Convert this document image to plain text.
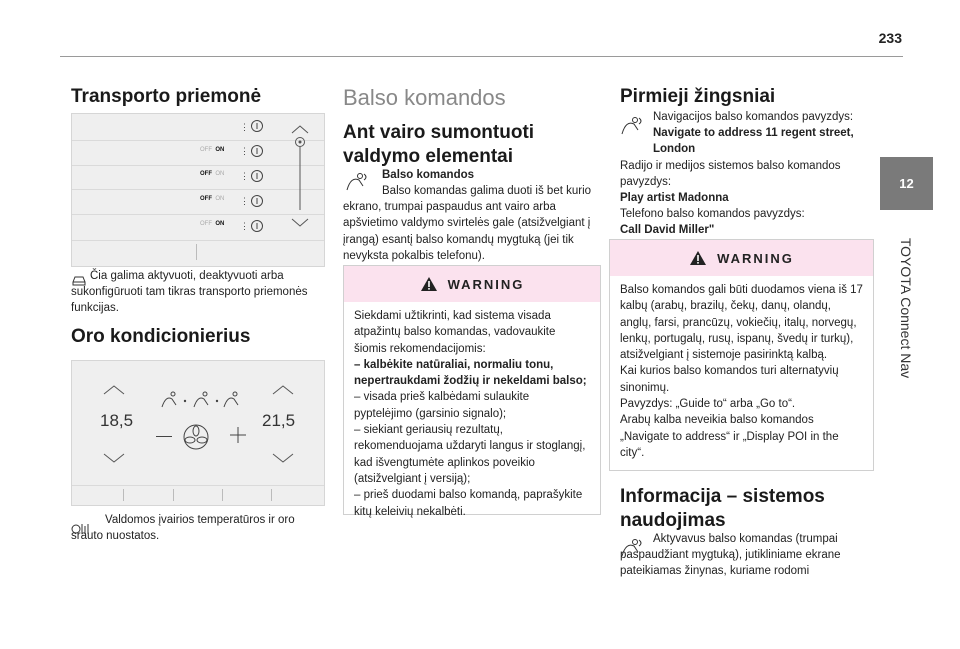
233
12
TOYOTA Connect Nav
Transporto priemonė
⋮
OFF ON
OFF ON
OFF ON
OFF ON
⋮
⋮
⋮
⋮
Čia galima aktyvuoti, deaktyvuoti arba sukonfigūruoti tam tikras transporto priemonės funkcijas.
Oro kondicionierius
18,5	21,5
Valdomos įvairios temperatūros ir oro srauto nuostatos.
Balso komandos
Ant vairo sumontuoti valdymo elementai
Balso komandos
Balso komandas galima duoti iš bet kurio ekrano, trumpai paspaudus ant vairo arba apšvietimo valdymo svirtelės gale (atsižvelgiant į įrangą) esantį balso komandų mygtuką (jei tik nevyksta pokalbis telefonu).
WARNING

Siekdami užtikrinti, kad sistema visada atpažintų balso komandas, vadovaukite šiomis rekomendacijomis:

– kalbėkite natūraliai, normaliu tonu, nepertraukdami žodžių ir nekeldami balso;

– visada prieš kalbėdami sulaukite pyptelėjimo (garsinio signalo);

– siekiant geriausių rezultatų, rekomenduojama uždaryti langus ir stoglangį, kad išvengtumėte aplinkos poveikio (atsižvelgiant į versiją);

– prieš duodami balso komandą, paprašykite kitų keleivių nekalbėti.

Pirmieji žingsniai
Navigacijos balso komandos pavyzdys:
Navigate to address 11 regent street, London
Radijo ir medijos sistemos balso komandos pavyzdys:
Play artist Madonna
Telefono balso komandos pavyzdys:
Call David Miller"
WARNING

Balso komandos gali būti duodamos viena iš 17 kalbų (arabų, brazilų, čekų, danų, olandų, anglų, farsi, prancūzų, vokiečių, italų, norvegų, lenkų, portugalų, rusų, ispanų, švedų ir turkų), atsižvelgiant į sistemoje pasirinktą kalbą.

Kai kurios balso komandos turi alternatyvių sinonimų.

Pavyzdys: „Guide to“ arba „Go to“.

Arabų kalba neveikia balso komandos „Navigate to address“ ir „Display POI in the city“.

Informacija – sistemos naudojimas
Aktyvavus balso komandas (trumpai paspaudžiant mygtuką), jutikliniame ekrane pateikiamas žinynas, kuriame rodomi
